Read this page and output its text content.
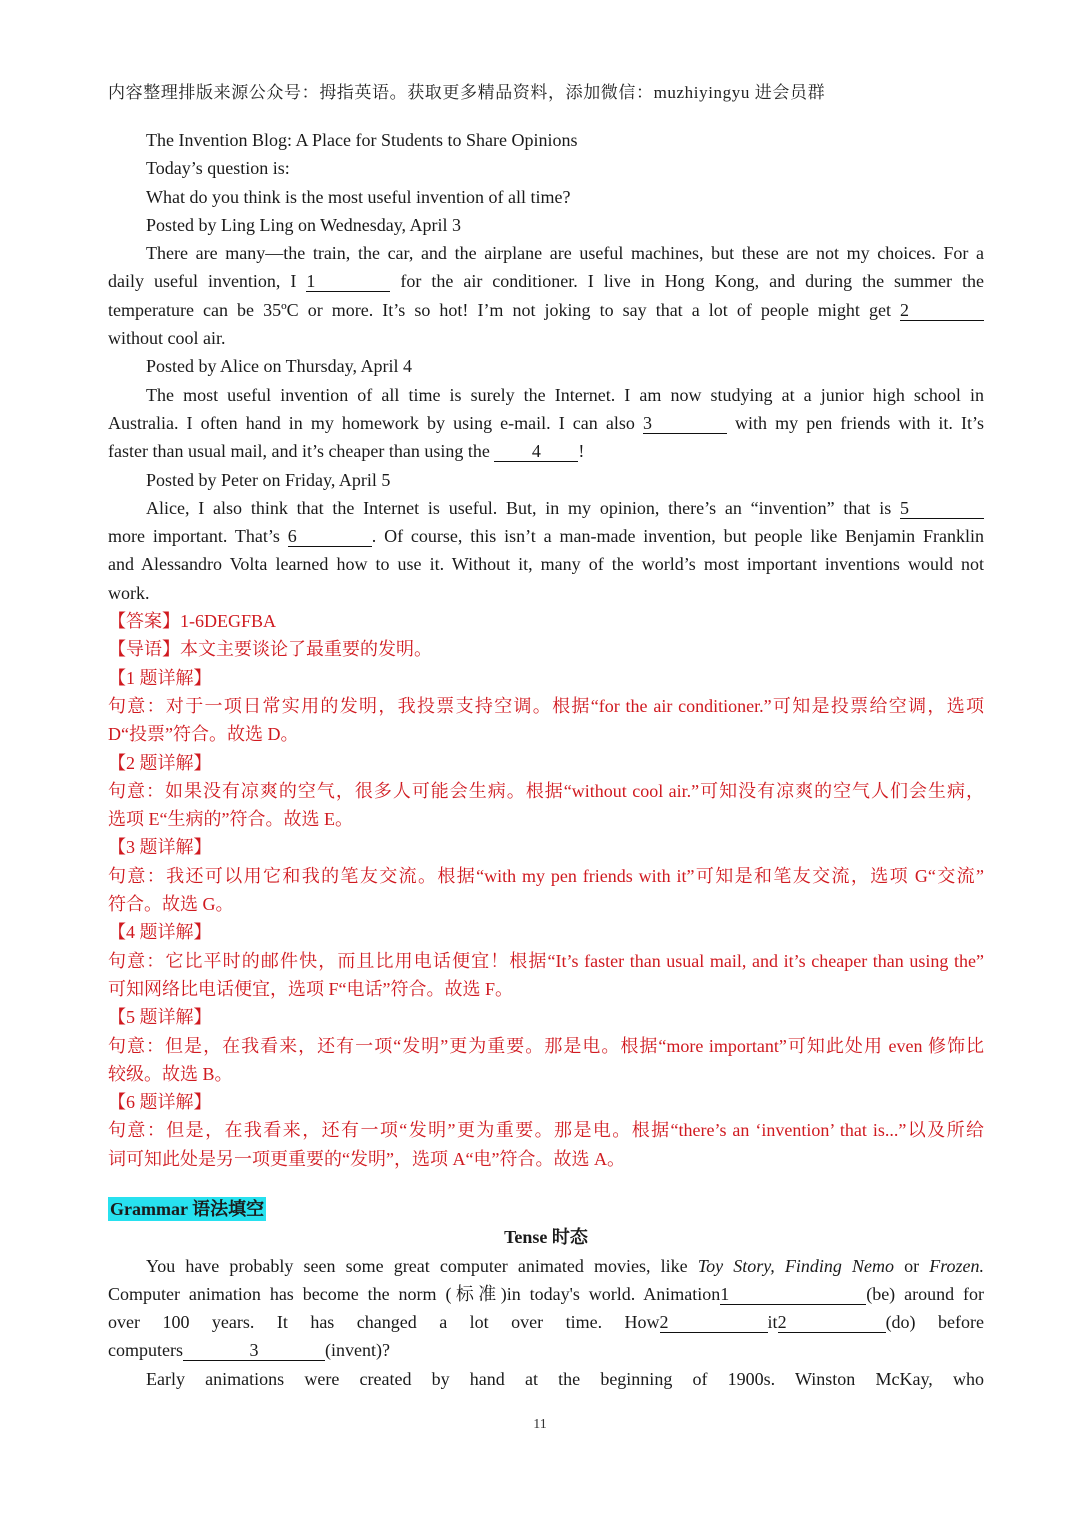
内容整理排版来源公众号：拇指英语。获取更多精品资料，添加微信：muzhiyingyu 进会员群
The Invention Blog: A Place for Students to Share Opinions
Today’s question is:
What do you think is the most useful invention of all time?
Posted by Ling Ling on Wednesday, April 3
There are many—the train, the car, and the airplane are useful machines, but these are not my choices. For a
daily useful invention, I 1	for the air conditioner. I live in Hong Kong, and during the summer the
temperature can be 35ºC or more. It’s so hot! I’m not joking to say that a lot of people might get 2
without cool air.
Posted by Alice on Thursday, April 4
The most useful invention of all time is surely the Internet. I am now studying at a junior high school in
Australia. I often hand in my homework by using e-mail. I can also 3	with my pen friends with it. It’s
faster than usual mail, and it’s cheaper than using the 4 !
Posted by Peter on Friday, April 5
Alice, I also think that the Internet is useful. But, in my opinion, there’s an “invention” that is 5
more important. That’s 6	. Of course, this isn’t a man-made invention, but people like Benjamin Franklin
and Alessandro Volta learned how to use it. Without it, many of the world’s most important inventions would not
work.
【答案】1-6DEGFBA
【导语】本文主要谈论了最重要的发明。
【1 题详解】
句意：对于一项日常实用的发明，我投票支持空调。根据“for the air conditioner.”可知是投票给空调，选项
D“投票”符合。故选 D。
【2 题详解】
句意：如果没有凉爽的空气，很多人可能会生病。根据“without cool air.”可知没有凉爽的空气人们会生病，
选项 E“生病的”符合。故选 E。
【3 题详解】
句意：我还可以用它和我的笔友交流。根据“with my pen friends with it”可知是和笔友交流，选项 G“交流”
符合。故选 G。
【4 题详解】
句意：它比平时的邮件快，而且比用电话便宜！根据“It’s faster than usual mail, and it’s cheaper than using the”
可知网络比电话便宜，选项 F“电话”符合。故选 F。
【5 题详解】
句意：但是，在我看来，还有一项“发明”更为重要。那是电。根据“more important”可知此处用 even 修饰比
较级。故选 B。
【6 题详解】
句意：但是，在我看来，还有一项“发明”更为重要。那是电。根据“there’s an ‘invention’ that is...”以及所给
词可知此处是另一项更重要的“发明”，选项 A“电”符合。故选 A。
Grammar 语法填空
Tense 时态
You have probably seen some great computer animated movies, like Toy Story, Finding Nemo or Frozen.
Computer animation has become the norm (标准)in today's world. Animation1	(be) around for
over 100 years. It has changed a lot over time. How2	it2	(do) before
computers	3	(invent)?
Early animations were created by hand at the beginning of 1900s. Winston McKay, who
11
